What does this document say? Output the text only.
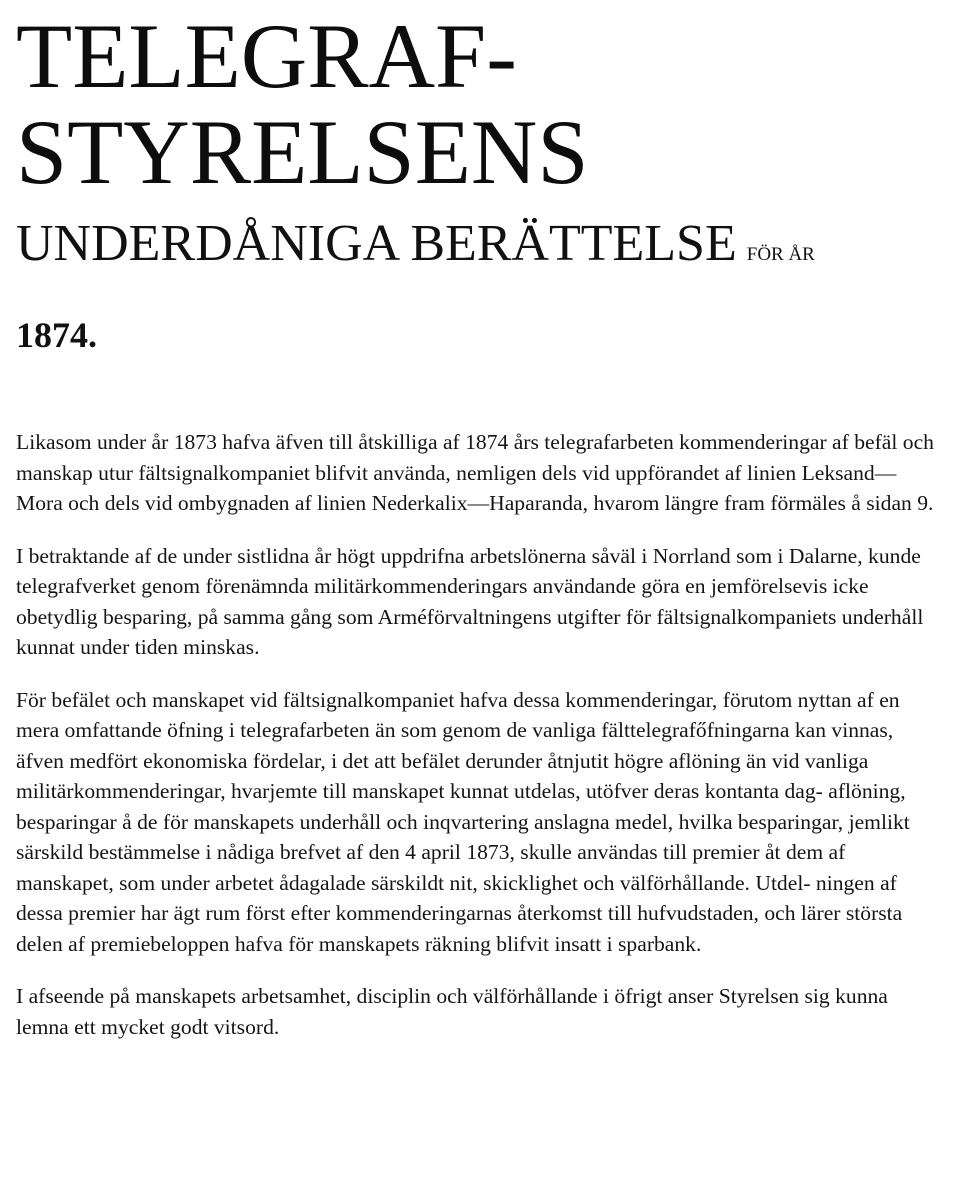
TELEGRAF-
STYRELSENS
UNDERDÅNIGA BERÄTTELSE FÖR ÅR
1874.

Likasom under år 1873 hafva äfven till åtskilliga af 1874 års telegrafarbeten kommenderingar af befäl och manskap utur fältsignalkompaniet blifvit använda, nemligen dels vid uppförandet af linien Leksand—Mora och dels vid ombygnaden af linien Nederkalix—Haparanda, hvarom längre fram förmäles å sidan 9.

I betraktande af de under sistlidna år högt uppdrifna arbetslönerna såväl i Norrland som i Dalarne, kunde telegrafverket genom förenämnda militärkommenderingars användande göra en jemförelsevis icke obetydlig besparing, på samma gång som Arméförvaltningens utgifter för fältsignalkompaniets underhåll kunnat under tiden minskas.

För befälet och manskapet vid fältsignalkompaniet hafva dessa kommenderingar, förutom nyttan af en mera omfattande öfning i telegrafarbeten än som genom de vanliga fälttelegrafőfningarna kan vinnas, äfven medfört ekonomiska fördelar, i det att befälet derunder åtnjutit högre aflöning än vid vanliga militärkommenderingar, hvarjemte till manskapet kunnat utdelas, utöfver deras kontanta dag- aflöning, besparingar å de för manskapets underhåll och inqvartering anslagna medel, hvilka besparingar, jemlikt särskild bestämmelse i nådiga brefvet af den 4 april 1873, skulle användas till premier åt dem af manskapet, som under arbetet ådagalade särskildt nit, skicklighet och välförhållande. Utdel- ningen af dessa premier har ägt rum först efter kommenderingarnas återkomst till hufvudstaden, och lärer största delen af premiebeloppen hafva för manskapets räkning blifvit insatt i sparbank.

I afseende på manskapets arbetsamhet, disciplin och välförhållande i öfrigt anser Styrelsen sig kunna lemna ett mycket godt vitsord.
